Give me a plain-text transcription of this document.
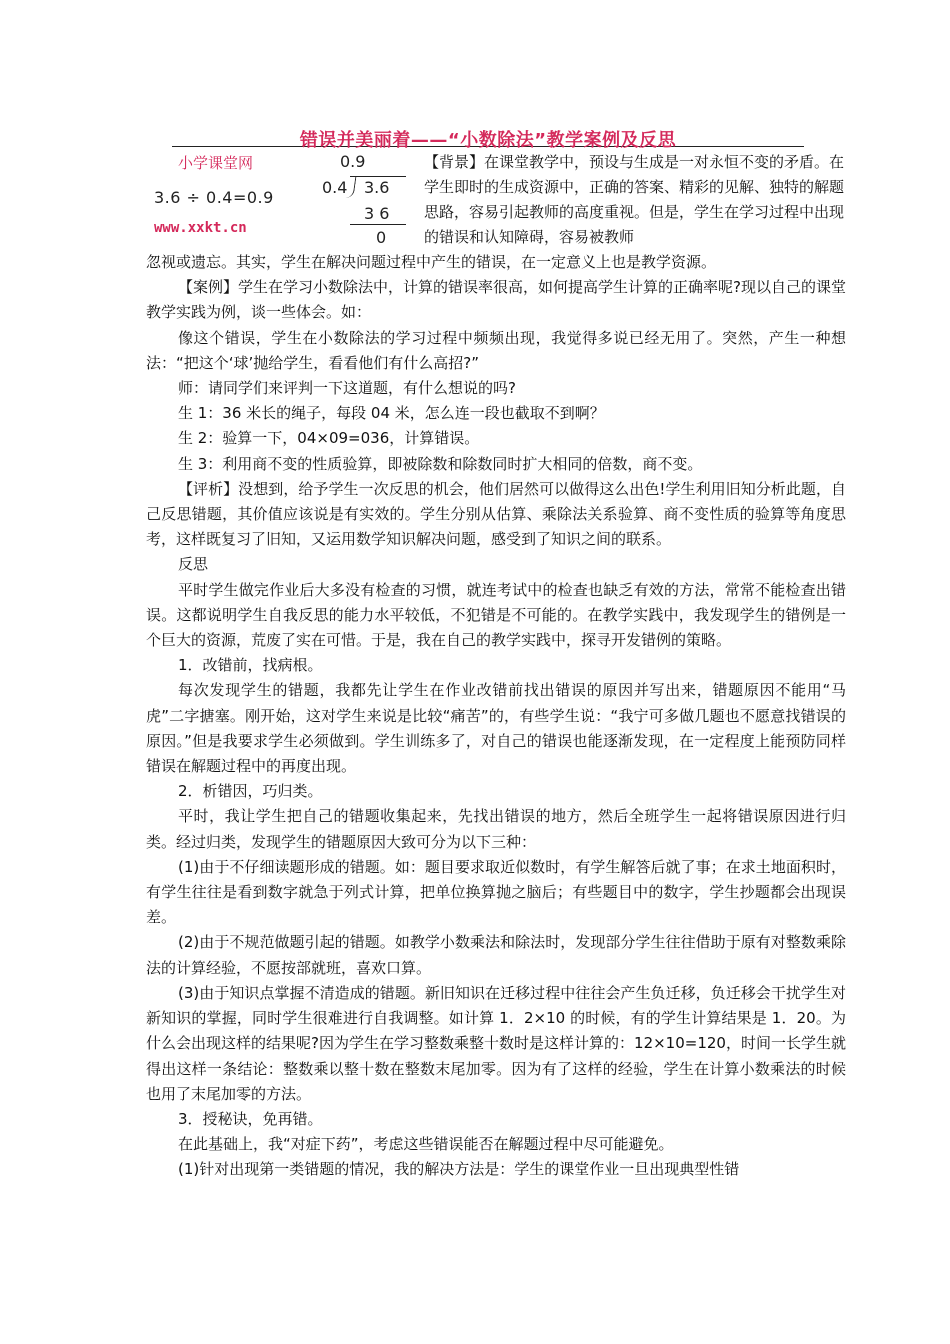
错误并美丽着——“小数除法”教学案例及反思
小学课堂网
3.6 ÷ 0.4=0.9
www.xxkt.cn
0.9
0.4 3.6
3 6
0
【背景】在课堂教学中，预设与生成是一对永恒不变的矛盾。在学生即时的生成资源中，正确的答案、精彩的见解、独特的解题思路，容易引起教师的高度重视。但是，学生在学习过程中出现的错误和认知障碍，容易被教师

忽视或遗忘。其实，学生在解决问题过程中产生的错误，在一定意义上也是教学资源。

【案例】学生在学习小数除法中，计算的错误率很高，如何提高学生计算的正确率呢?现以自己的课堂教学实践为例，谈一些体会。如：

像这个错误，学生在小数除法的学习过程中频频出现，我觉得多说已经无用了。突然，产生一种想法：“把这个‘球’抛给学生，看看他们有什么高招?”

师：请同学们来评判一下这道题，有什么想说的吗?

生 1：36 米长的绳子，每段 04 米，怎么连一段也截取不到啊？

生 2：验算一下，04×09=036，计算错误。

生 3：利用商不变的性质验算，即被除数和除数同时扩大相同的倍数，商不变。

【评析】没想到，给予学生一次反思的机会，他们居然可以做得这么出色!学生利用旧知分析此题，自己反思错题，其价值应该说是有实效的。学生分别从估算、乘除法关系验算、商不变性质的验算等角度思考，这样既复习了旧知，又运用数学知识解决问题，感受到了知识之间的联系。

反思

平时学生做完作业后大多没有检查的习惯，就连考试中的检查也缺乏有效的方法，常常不能检查出错误。这都说明学生自我反思的能力水平较低，不犯错是不可能的。在教学实践中，我发现学生的错例是一个巨大的资源，荒废了实在可惜。于是，我在自己的教学实践中，探寻开发错例的策略。

1．改错前，找病根。

每次发现学生的错题，我都先让学生在作业改错前找出错误的原因并写出来，错题原因不能用“马虎”二字搪塞。刚开始，这对学生来说是比较“痛苦”的，有些学生说：“我宁可多做几题也不愿意找错误的原因。”但是我要求学生必须做到。学生训练多了，对自己的错误也能逐渐发现，在一定程度上能预防同样错误在解题过程中的再度出现。

2．析错因，巧归类。

平时，我让学生把自己的错题收集起来，先找出错误的地方，然后全班学生一起将错误原因进行归类。经过归类，发现学生的错题原因大致可分为以下三种：

(1)由于不仔细读题形成的错题。如：题目要求取近似数时，有学生解答后就了事；在求土地面积时，有学生往往是看到数字就急于列式计算，把单位换算抛之脑后；有些题目中的数字，学生抄题都会出现误差。

(2)由于不规范做题引起的错题。如教学小数乘法和除法时，发现部分学生往往借助于原有对整数乘除法的计算经验，不愿按部就班，喜欢口算。

(3)由于知识点掌握不清造成的错题。新旧知识在迁移过程中往往会产生负迁移，负迁移会干扰学生对新知识的掌握，同时学生很难进行自我调整。如计算 1．2×10 的时候，有的学生计算结果是 1．20。为什么会出现这样的结果呢?因为学生在学习整数乘整十数时是这样计算的：12×10=120，时间一长学生就得出这样一条结论：整数乘以整十数在整数末尾加零。因为有了这样的经验，学生在计算小数乘法的时候也用了末尾加零的方法。

3．授秘诀，免再错。

在此基础上，我“对症下药”，考虑这些错误能否在解题过程中尽可能避免。

(1)针对出现第一类错题的情况，我的解决方法是：学生的课堂作业一旦出现典型性错
